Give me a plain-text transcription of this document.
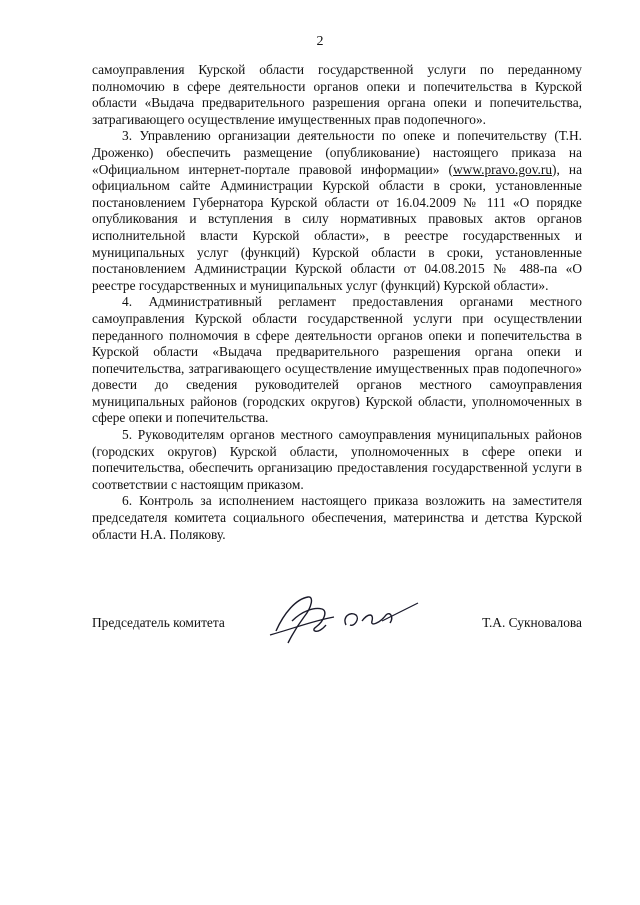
2

самоуправления Курской области государственной услуги по переданному полномочию в сфере деятельности органов опеки и попечительства в Курской области «Выдача предварительного разрешения органа опеки и попечительства, затрагивающего осуществление имущественных прав подопечного».

3. Управлению организации деятельности по опеке и попечительству (Т.Н. Дроженко) обеспечить размещение (опубликование) настоящего приказа на «Официальном интернет-портале правовой информации» (www.pravo.gov.ru), на официальном сайте Администрации Курской области в сроки, установленные постановлением Губернатора Курской области от 16.04.2009 № 111 «О порядке опубликования и вступления в силу нормативных правовых актов органов исполнительной власти Курской области», в реестре государственных и муниципальных услуг (функций) Курской области в сроки, установленные постановлением Администрации Курской области от 04.08.2015 № 488-па «О реестре государственных и муниципальных услуг (функций) Курской области».

4. Административный регламент предоставления органами местного самоуправления Курской области государственной услуги при осуществлении переданного полномочия в сфере деятельности органов опеки и попечительства в Курской области «Выдача предварительного разрешения органа опеки и попечительства, затрагивающего осуществление имущественных прав подопечного» довести до сведения руководителей органов местного самоуправления муниципальных районов (городских округов) Курской области, уполномоченных в сфере опеки и попечительства.

5. Руководителям органов местного самоуправления муниципальных районов (городских округов) Курской области, уполномоченных в сфере опеки и попечительства, обеспечить организацию предоставления государственной услуги в соответствии с настоящим приказом.

6. Контроль за исполнением настоящего приказа возложить на заместителя председателя комитета социального обеспечения, материнства и детства Курской области Н.А. Полякову.

Председатель комитета	Т.А. Сукновалова
